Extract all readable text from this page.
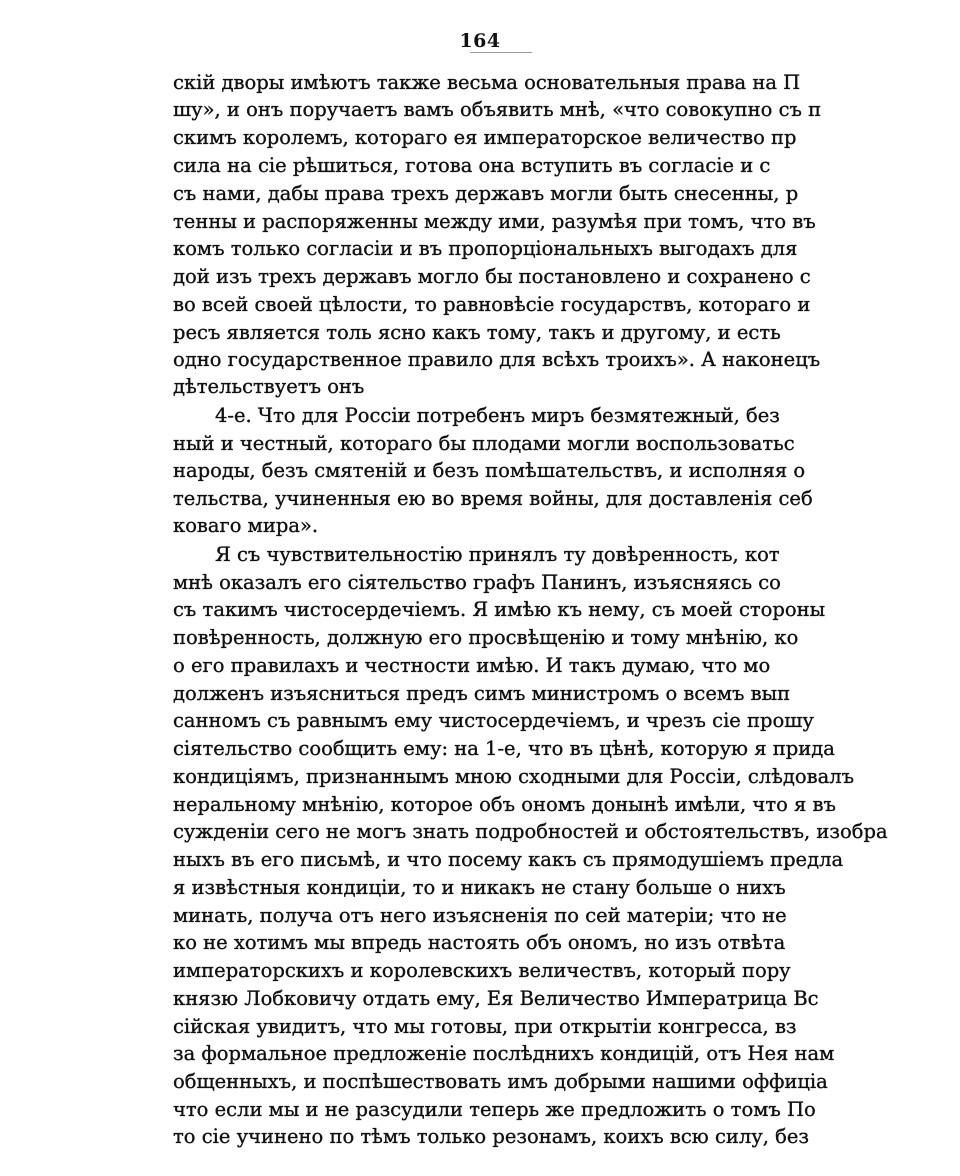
164
скій дворы имѣютъ также весьма основательныя права на П
шу», и онъ поручаетъ вамъ объявить мнѣ, «что совокупно съ п
скимъ королемъ, котораго ея императорское величество пр
сила на сіе рѣшиться, готова она вступить въ согласіе и с
съ нами, дабы права трехъ державъ могли быть снесенны, р
тенны и распоряженны между ими, разумѣя при томъ, что въ
комъ только согласіи и въ пропорціональныхъ выгодахъ для
дой изъ трехъ державъ могло бы постановлено и сохранено с
во всей своей цѣлости, то равновѣсіе государствъ, котораго и
ресъ является толь ясно какъ тому, такъ и другому, и есть
одно государственное правило для всѣхъ троихъ». А наконецъ
дѣтельствуетъ онъ
4-е. Что для Россіи потребенъ миръ безмятежный, без
ный и честный, котораго бы плодами могли воспользоватьс
народы, безъ смятеній и безъ помѣшательствъ, и исполняя о
тельства, учиненныя ею во время войны, для доставленія себ
коваго мира».
Я съ чувствительностію принялъ ту довѣренность, кот
мнѣ оказалъ его сіятельство графъ Панинъ, изъясняясь со
съ такимъ чистосердечіемъ. Я имѣю къ нему, съ моей стороны
повѣренность, должную его просвѣщенію и тому мнѣнію, ко
о его правилахъ и честности имѣю. И такъ думаю, что мо
долженъ изъясниться предъ симъ министромъ о всемъ вып
санномъ съ равнымъ ему чистосердечіемъ, и чрезъ сіе прошу
сіятельство сообщить ему: на 1-е, что въ цѣнѣ, которую я прида
кондиціямъ, признаннымъ мною сходными для Россіи, слѣдовалъ
неральному мнѣнію, которое объ ономъ донынѣ имѣли, что я въ
сужденіи сего не могъ знать подробностей и обстоятельствъ, изобра
ныхъ въ его письмѣ, и что посему какъ съ прямодушіемъ предла
я извѣстныя кондиціи, то и никакъ не стану больше о нихъ
минать, получа отъ него изъясненія по сей матеріи; что не
ко не хотимъ мы впредь настоять объ ономъ, но изъ отвѣта
императорскихъ и королевскихъ величествъ, который пору
князю Лобковичу отдать ему, Ея Величество Императрица Вс
сійская увидитъ, что мы готовы, при открытіи конгресса, вз
за формальное предложеніе послѣднихъ кондицій, отъ Нея нам
общенныхъ, и поспѣшествовать имъ добрыми нашими оффиціа
что если мы и не разсудили теперь же предложить о томъ По
то сіе учинено по тѣмъ только резонамъ, коихъ всю силу, без
